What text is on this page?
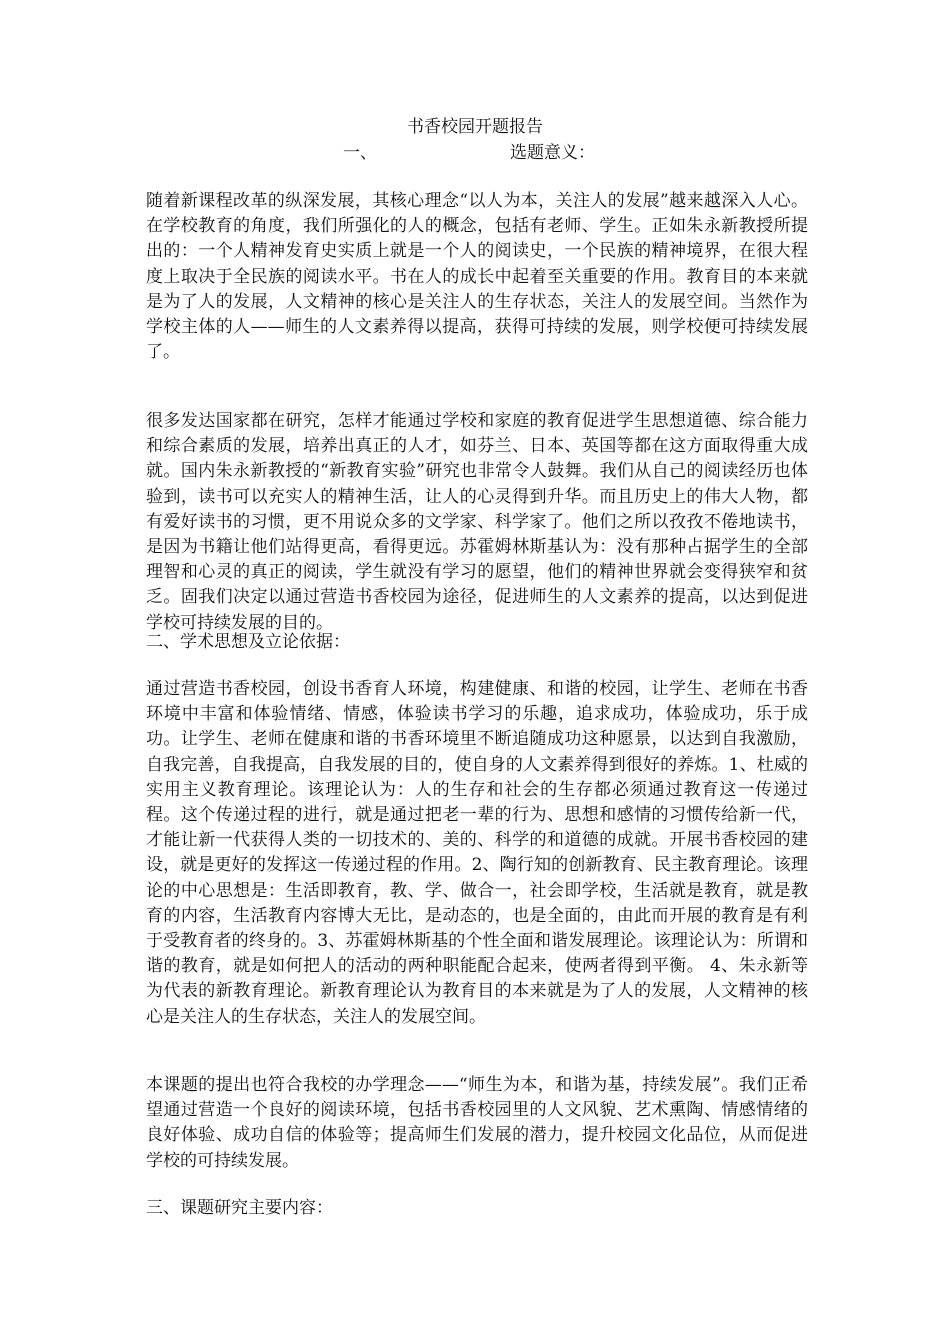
书香校园开题报告
一、	选题意义：

随着新课程改革的纵深发展，其核心理念“以人为本，关注人的发展”越来越深入人心。在学校教育的角度，我们所强化的人的概念，包括有老师、学生。正如朱永新教授所提出的：一个人精神发育史实质上就是一个人的阅读史，一个民族的精神境界，在很大程度上取决于全民族的阅读水平。书在人的成长中起着至关重要的作用。教育目的本来就是为了人的发展，人文精神的核心是关注人的生存状态，关注人的发展空间。当然作为学校主体的人——师生的人文素养得以提高，获得可持续的发展，则学校便可持续发展了。

很多发达国家都在研究，怎样才能通过学校和家庭的教育促进学生思想道德、综合能力和综合素质的发展，培养出真正的人才，如芬兰、日本、英国等都在这方面取得重大成就。国内朱永新教授的“新教育实验”研究也非常令人鼓舞。我们从自己的阅读经历也体验到，读书可以充实人的精神生活，让人的心灵得到升华。而且历史上的伟大人物，都有爱好读书的习惯，更不用说众多的文学家、科学家了。他们之所以孜孜不倦地读书，是因为书籍让他们站得更高，看得更远。苏霍姆林斯基认为：没有那种占据学生的全部理智和心灵的真正的阅读，学生就没有学习的愿望，他们的精神世界就会变得狭窄和贫乏。固我们决定以通过营造书香校园为途径，促进师生的人文素养的提高，以达到促进学校可持续发展的目的。

二、学术思想及立论依据：

通过营造书香校园，创设书香育人环境，构建健康、和谐的校园，让学生、老师在书香环境中丰富和体验情绪、情感，体验读书学习的乐趣，追求成功，体验成功，乐于成功。让学生、老师在健康和谐的书香环境里不断追随成功这种愿景，以达到自我激励，自我完善，自我提高，自我发展的目的，使自身的人文素养得到很好的养炼。1、杜威的实用主义教育理论。该理论认为：人的生存和社会的生存都必须通过教育这一传递过程。这个传递过程的进行，就是通过把老一辈的行为、思想和感情的习惯传给新一代，才能让新一代获得人类的一切技术的、美的、科学的和道德的成就。开展书香校园的建设，就是更好的发挥这一传递过程的作用。2、陶行知的创新教育、民主教育理论。该理论的中心思想是：生活即教育，教、学、做合一，社会即学校，生活就是教育，就是教育的内容，生活教育内容博大无比，是动态的，也是全面的，由此而开展的教育是有利于受教育者的终身的。3、苏霍姆林斯基的个性全面和谐发展理论。该理论认为：所谓和谐的教育，就是如何把人的活动的两种职能配合起来，使两者得到平衡。 4、朱永新等为代表的新教育理论。新教育理论认为教育目的本来就是为了人的发展，人文精神的核心是关注人的生存状态，关注人的发展空间。

本课题的提出也符合我校的办学理念——“师生为本，和谐为基，持续发展”。我们正希望通过营造一个良好的阅读环境，包括书香校园里的人文风貌、艺术熏陶、情感情绪的良好体验、成功自信的体验等；提高师生们发展的潜力，提升校园文化品位，从而促进学校的可持续发展。

三、课题研究主要内容：
